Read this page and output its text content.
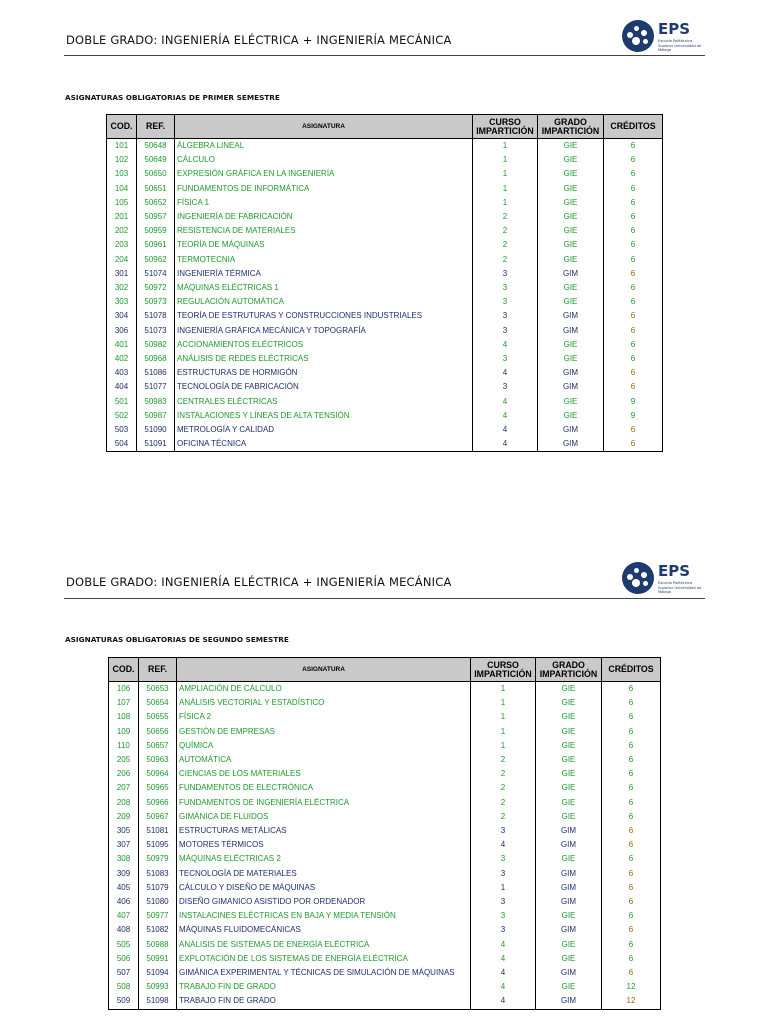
DOBLE GRADO: INGENIERÍA ELÉCTRICA + INGENIERÍA MECÁNICA
EPS
Escuela Politécnica Superior Universidad de Málaga
ASIGNATURAS OBLIGATORIAS DE PRIMER SEMESTRE
COD.	REF.	ASIGNATURA	CURSO IMPARTICIÓN	GRADO IMPARTICIÓN	CRÉDITOS
101	50648	ÁLGEBRA LINEAL	1	GIE	6
102	50649	CÁLCULO	1	GIE	6
103	50650	EXPRESIÓN GRÁFICA EN LA INGENIERÍA	1	GIE	6
104	50651	FUNDAMENTOS DE INFORMÁTICA	1	GIE	6
105	50652	FÍSICA 1	1	GIE	6
201	50957	INGENIERÍA DE FABRICACIÓN	2	GIE	6
202	50959	RESISTENCIA DE MATERIALES	2	GIE	6
203	50961	TEORÍA DE MÁQUINAS	2	GIE	6
204	50962	TERMOTECNIA	2	GIE	6
301	51074	INGENIERÍA TÉRMICA	3	GIM	6
302	50972	MÁQUINAS ELÉCTRICAS 1	3	GIE	6
303	50973	REGULACIÓN AUTOMÁTICA	3	GIE	6
304	51078	TEORÍA DE ESTRUTURAS Y CONSTRUCCIONES INDUSTRIALES	3	GIM	6
306	51073	INGENIERÍA GRÁFICA MECÁNICA Y TOPOGRAFÍA	3	GIM	6
401	50982	ACCIONAMIENTOS ELÉCTRICOS	4	GIE	6
402	50968	ANÁLISIS DE REDES ELÉCTRICAS	3	GIE	6
403	51086	ESTRUCTURAS DE HORMIGÓN	4	GIM	6
404	51077	TECNOLOGÍA DE FABRICACIÓN	3	GIM	6
501	50983	CENTRALES ELÉCTRICAS	4	GIE	9
502	50987	INSTALACIONES Y LÍNEAS DE ALTA TENSIÓN	4	GIE	9
503	51090	METROLOGÍA Y CALIDAD	4	GIM	6
504	51091	OFICINA TÉCNICA	4	GIM	6
DOBLE GRADO: INGENIERÍA ELÉCTRICA + INGENIERÍA MECÁNICA
EPS
Escuela Politécnica Superior Universidad de Málaga
ASIGNATURAS OBLIGATORIAS DE SEGUNDO SEMESTRE
COD.	REF.	ASIGNATURA	CURSO IMPARTICIÓN	GRADO IMPARTICIÓN	CRÉDITOS
106	50653	AMPLIACIÓN DE CÁLCULO	1	GIE	6
107	50654	ANÁLISIS VECTORIAL Y ESTADÍSTICO	1	GIE	6
108	50655	FÍSICA 2	1	GIE	6
109	50656	GESTIÓN DE EMPRESAS	1	GIE	6
110	50657	QUÍMICA	1	GIE	6
205	50963	AUTOMÁTICA	2	GIE	6
206	50964	CIENCIAS DE LOS MATERIALES	2	GIE	6
207	50965	FUNDAMENTOS DE ELECTRÓNICA	2	GIE	6
208	50966	FUNDAMENTOS DE INGENIERÍA ELÉCTRICA	2	GIE	6
209	50967	GIMÁNICA DE FLUIDOS	2	GIE	6
305	51081	ESTRUCTURAS METÁLICAS	3	GIM	6
307	51095	MOTORES TÉRMICOS	4	GIM	6
308	50979	MÁQUINAS ELÉCTRICAS 2	3	GIE	6
309	51083	TECNOLOGÍA DE MATERIALES	3	GIM	6
405	51079	CÁLCULO Y DISEÑO DE MÁQUINAS	1	GIM	6
406	51080	DISEÑO GIMANICO ASISTIDO POR ORDENADOR	3	GIM	6
407	50977	INSTALACINES ELÉCTRICAS EN BAJA Y MEDIA TENSIÓN	3	GIE	6
408	51082	MÁQUINAS FLUIDOMECÁNICAS	3	GIM	6
505	50988	ANÁLISIS DE SISTEMAS DE ENERGÍA ELÉCTRICA	4	GIE	6
506	50991	EXPLOTACIÓN DE LOS SISTEMAS DE ENERGÍA ELÉCTRICA	4	GIE	6
507	51094	GIMÁNICA EXPERIMENTAL Y TÉCNICAS DE SIMULACIÓN DE MÁQUINAS	4	GIM	6
508	50993	TRABAJO FIN DE GRADO	4	GIE	12
509	51098	TRABAJO FIN DE GRADO	4	GIM	12
